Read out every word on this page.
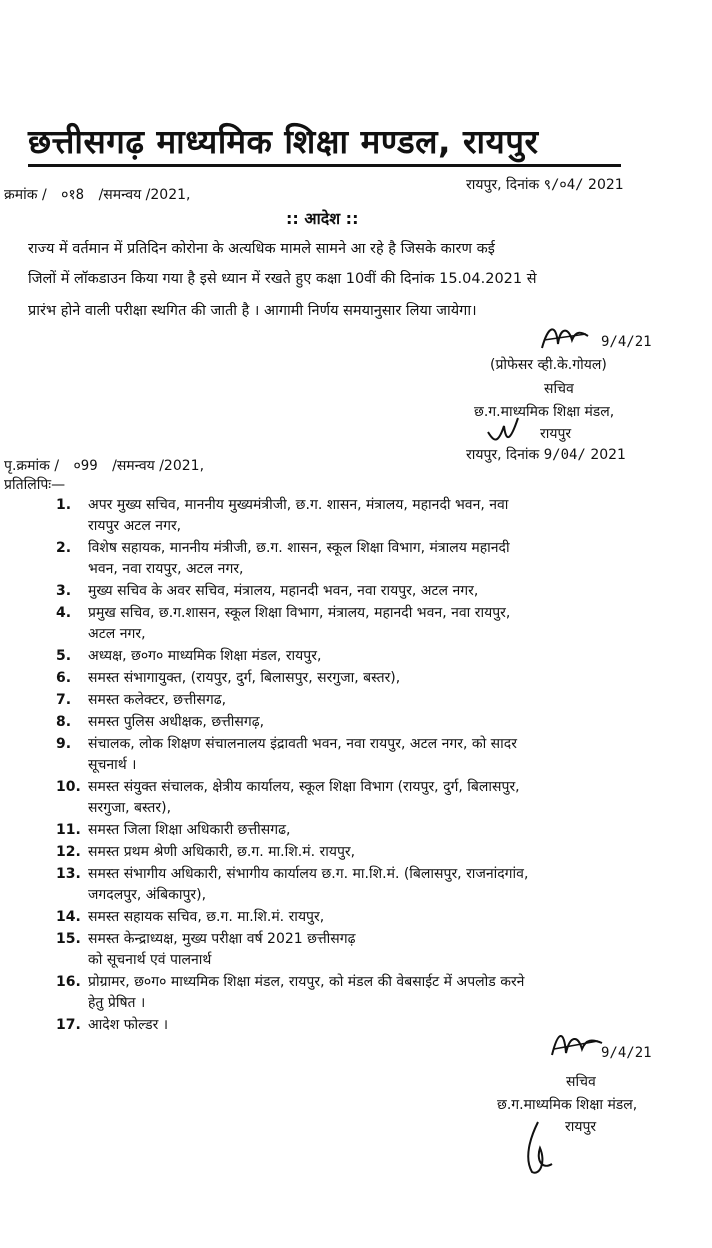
छत्तीसगढ़ माध्यमिक शिक्षा मण्डल, रायपुर
क्रमांक / ०१8 /समन्वय /2021,
रायपुर, दिनांक ९/०4/ 2021
:: आदेश ::
राज्य में वर्तमान में प्रतिदिन कोरोना के अत्यधिक मामले सामने आ रहे है जिसके कारण कई
जिलों में लॉकडाउन किया गया है इसे ध्यान में रखते हुए कक्षा 10वीं की दिनांक 15.04.2021 से
प्रारंभ होने वाली परीक्षा स्थगित की जाती है । आगामी निर्णय समयानुसार लिया जायेगा।
9/4/21
(प्रोफेसर व्ही.के.गोयल)
सचिव
छ.ग.माध्यमिक शिक्षा मंडल,
रायपुर
पृ.क्रमांक / ०99 /समन्वय /2021,
रायपुर, दिनांक 9/04/ 2021
प्रतिलिपिः—
1. अपर मुख्य सचिव, माननीय मुख्यमंत्रीजी, छ.ग. शासन, मंत्रालय, महानदी भवन, नवा
रायपुर अटल नगर,
2. विशेष सहायक, माननीय मंत्रीजी, छ.ग. शासन, स्कूल शिक्षा विभाग, मंत्रालय महानदी
भवन, नवा रायपुर, अटल नगर,
3. मुख्य सचिव के अवर सचिव, मंत्रालय, महानदी भवन, नवा रायपुर, अटल नगर,
4. प्रमुख सचिव, छ.ग.शासन, स्कूल शिक्षा विभाग, मंत्रालय, महानदी भवन, नवा रायपुर,
अटल नगर,
5. अध्यक्ष, छ०ग० माध्यमिक शिक्षा मंडल, रायपुर,
6. समस्त संभागायुक्त, (रायपुर, दुर्ग, बिलासपुर, सरगुजा, बस्तर),
7. समस्त कलेक्टर, छत्तीसगढ,
8. समस्त पुलिस अधीक्षक, छत्तीसगढ़,
9. संचालक, लोक शिक्षण संचालनालय इंद्रावती भवन, नवा रायपुर, अटल नगर, को सादर
सूचनार्थ ।
10. समस्त संयुक्त संचालक, क्षेत्रीय कार्यालय, स्कूल शिक्षा विभाग (रायपुर, दुर्ग, बिलासपुर,
सरगुजा, बस्तर),
11. समस्त जिला शिक्षा अधिकारी छत्तीसगढ,
12. समस्त प्रथम श्रेणी अधिकारी, छ.ग. मा.शि.मं. रायपुर,
13. समस्त संभागीय अधिकारी, संभागीय कार्यालय छ.ग. मा.शि.मं. (बिलासपुर, राजनांदगांव,
जगदलपुर, अंबिकापुर),
14. समस्त सहायक सचिव, छ.ग. मा.शि.मं. रायपुर,
15. समस्त केन्द्राध्यक्ष, मुख्य परीक्षा वर्ष 2021 छत्तीसगढ़
को सूचनार्थ एवं पालनार्थ
16. प्रोग्रामर, छ०ग० माध्यमिक शिक्षा मंडल, रायपुर, को मंडल की वेबसाईट में अपलोड करने
हेतु प्रेषित ।
17. आदेश फोल्डर ।
9/4/21
सचिव
छ.ग.माध्यमिक शिक्षा मंडल,
रायपुर
